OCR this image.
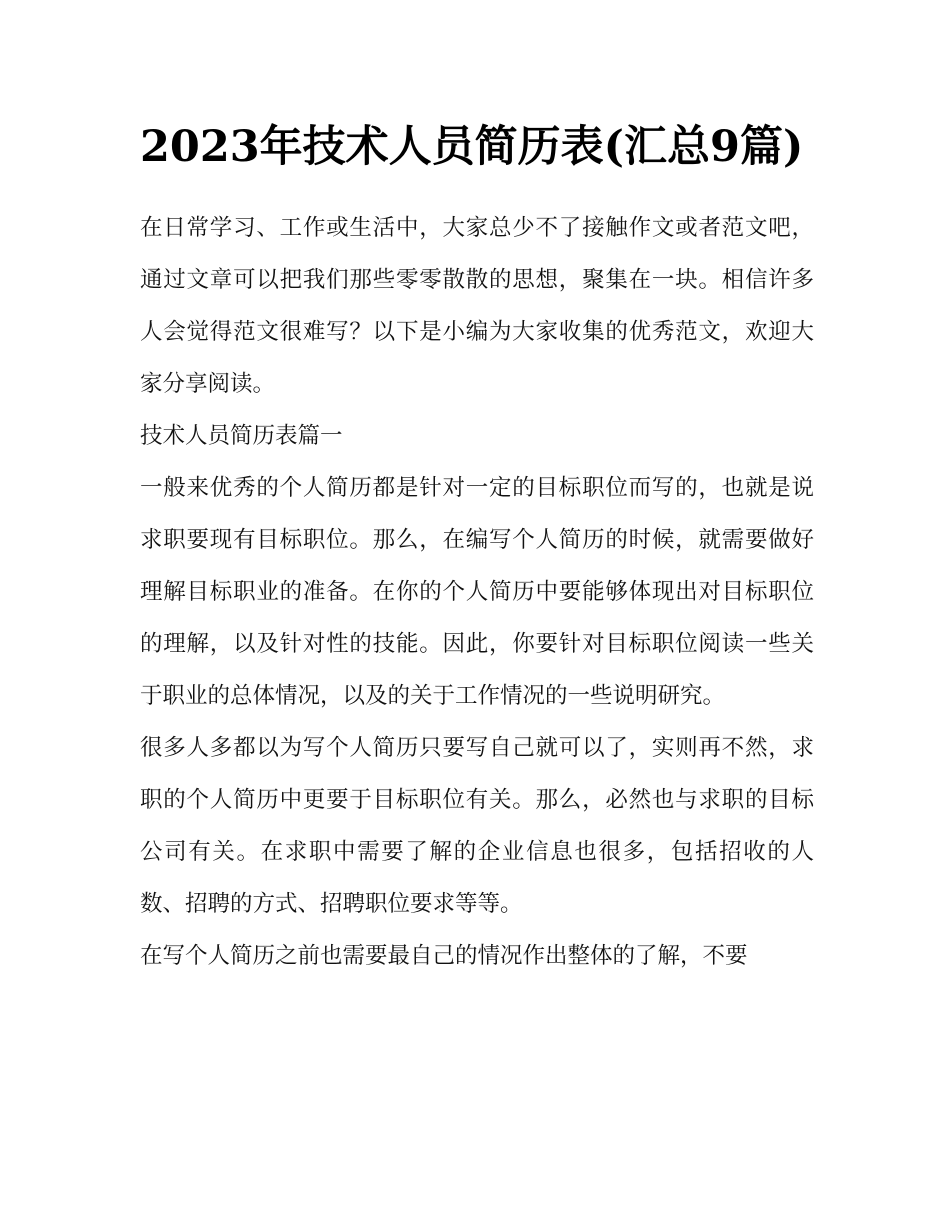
2023年技术人员简历表(汇总9篇)

在日常学习、工作或生活中，大家总少不了接触作文或者范文吧，通过文章可以把我们那些零零散散的思想，聚集在一块。相信许多人会觉得范文很难写？以下是小编为大家收集的优秀范文，欢迎大家分享阅读。

技术人员简历表篇一

一般来优秀的个人简历都是针对一定的目标职位而写的，也就是说求职要现有目标职位。那么，在编写个人简历的时候，就需要做好理解目标职业的准备。在你的个人简历中要能够体现出对目标职位的理解，以及针对性的技能。因此，你要针对目标职位阅读一些关于职业的总体情况，以及的关于工作情况的一些说明研究。

很多人多都以为写个人简历只要写自己就可以了，实则再不然，求职的个人简历中更要于目标职位有关。那么，必然也与求职的目标公司有关。在求职中需要了解的企业信息也很多，包括招收的人数、招聘的方式、招聘职位要求等等。

在写个人简历之前也需要最自己的情况作出整体的了解，不要
